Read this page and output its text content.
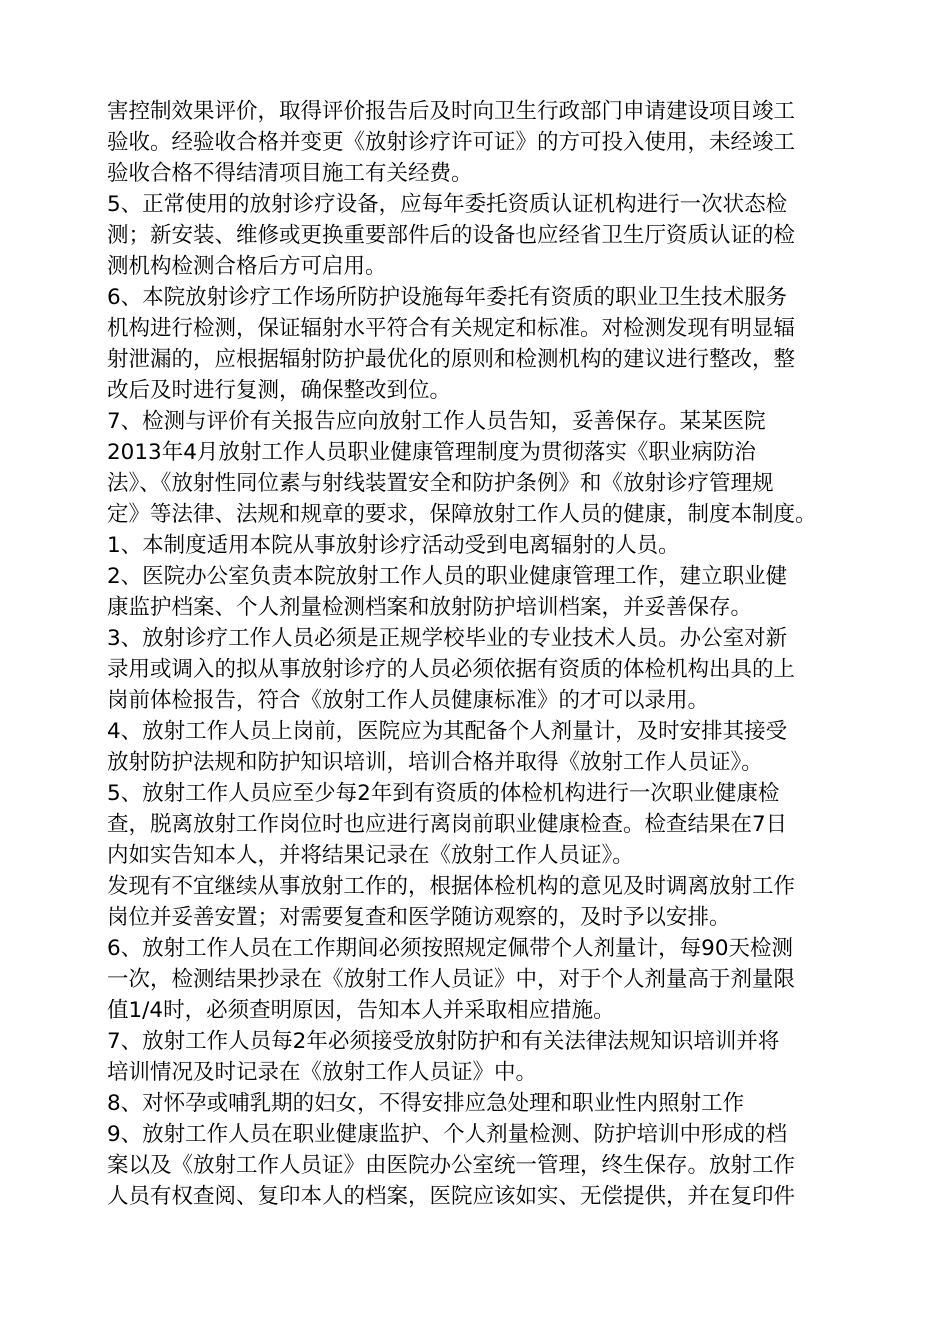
害控制效果评价，取得评价报告后及时向卫生行政部门申请建设项目竣工
验收。经验收合格并变更《放射诊疗许可证》的方可投入使用，未经竣工
验收合格不得结清项目施工有关经费。
5、正常使用的放射诊疗设备，应每年委托资质认证机构进行一次状态检
测；新安装、维修或更换重要部件后的设备也应经省卫生厅资质认证的检
测机构检测合格后方可启用。
6、本院放射诊疗工作场所防护设施每年委托有资质的职业卫生技术服务
机构进行检测，保证辐射水平符合有关规定和标准。对检测发现有明显辐
射泄漏的，应根据辐射防护最优化的原则和检测机构的建议进行整改，整
改后及时进行复测，确保整改到位。
7、检测与评价有关报告应向放射工作人员告知，妥善保存。某某医院
2013年4月放射工作人员职业健康管理制度为贯彻落实《职业病防治
法》、《放射性同位素与射线装置安全和防护条例》和《放射诊疗管理规
定》等法律、法规和规章的要求，保障放射工作人员的健康，制度本制度。
1、本制度适用本院从事放射诊疗活动受到电离辐射的人员。
2、医院办公室负责本院放射工作人员的职业健康管理工作，建立职业健
康监护档案、个人剂量检测档案和放射防护培训档案，并妥善保存。
3、放射诊疗工作人员必须是正规学校毕业的专业技术人员。办公室对新
录用或调入的拟从事放射诊疗的人员必须依据有资质的体检机构出具的上
岗前体检报告，符合《放射工作人员健康标准》的才可以录用。
4、放射工作人员上岗前，医院应为其配备个人剂量计，及时安排其接受
放射防护法规和防护知识培训，培训合格并取得《放射工作人员证》。
5、放射工作人员应至少每2年到有资质的体检机构进行一次职业健康检
查，脱离放射工作岗位时也应进行离岗前职业健康检查。检查结果在7日
内如实告知本人，并将结果记录在《放射工作人员证》。
发现有不宜继续从事放射工作的，根据体检机构的意见及时调离放射工作
岗位并妥善安置；对需要复查和医学随访观察的，及时予以安排。
6、放射工作人员在工作期间必须按照规定佩带个人剂量计，每90天检测
一次，检测结果抄录在《放射工作人员证》中，对于个人剂量高于剂量限
值1/4时，必须查明原因，告知本人并采取相应措施。
7、放射工作人员每2年必须接受放射防护和有关法律法规知识培训并将
培训情况及时记录在《放射工作人员证》中。
8、对怀孕或哺乳期的妇女，不得安排应急处理和职业性内照射工作
9、放射工作人员在职业健康监护、个人剂量检测、防护培训中形成的档
案以及《放射工作人员证》由医院办公室统一管理，终生保存。放射工作
人员有权查阅、复印本人的档案，医院应该如实、无偿提供，并在复印件
